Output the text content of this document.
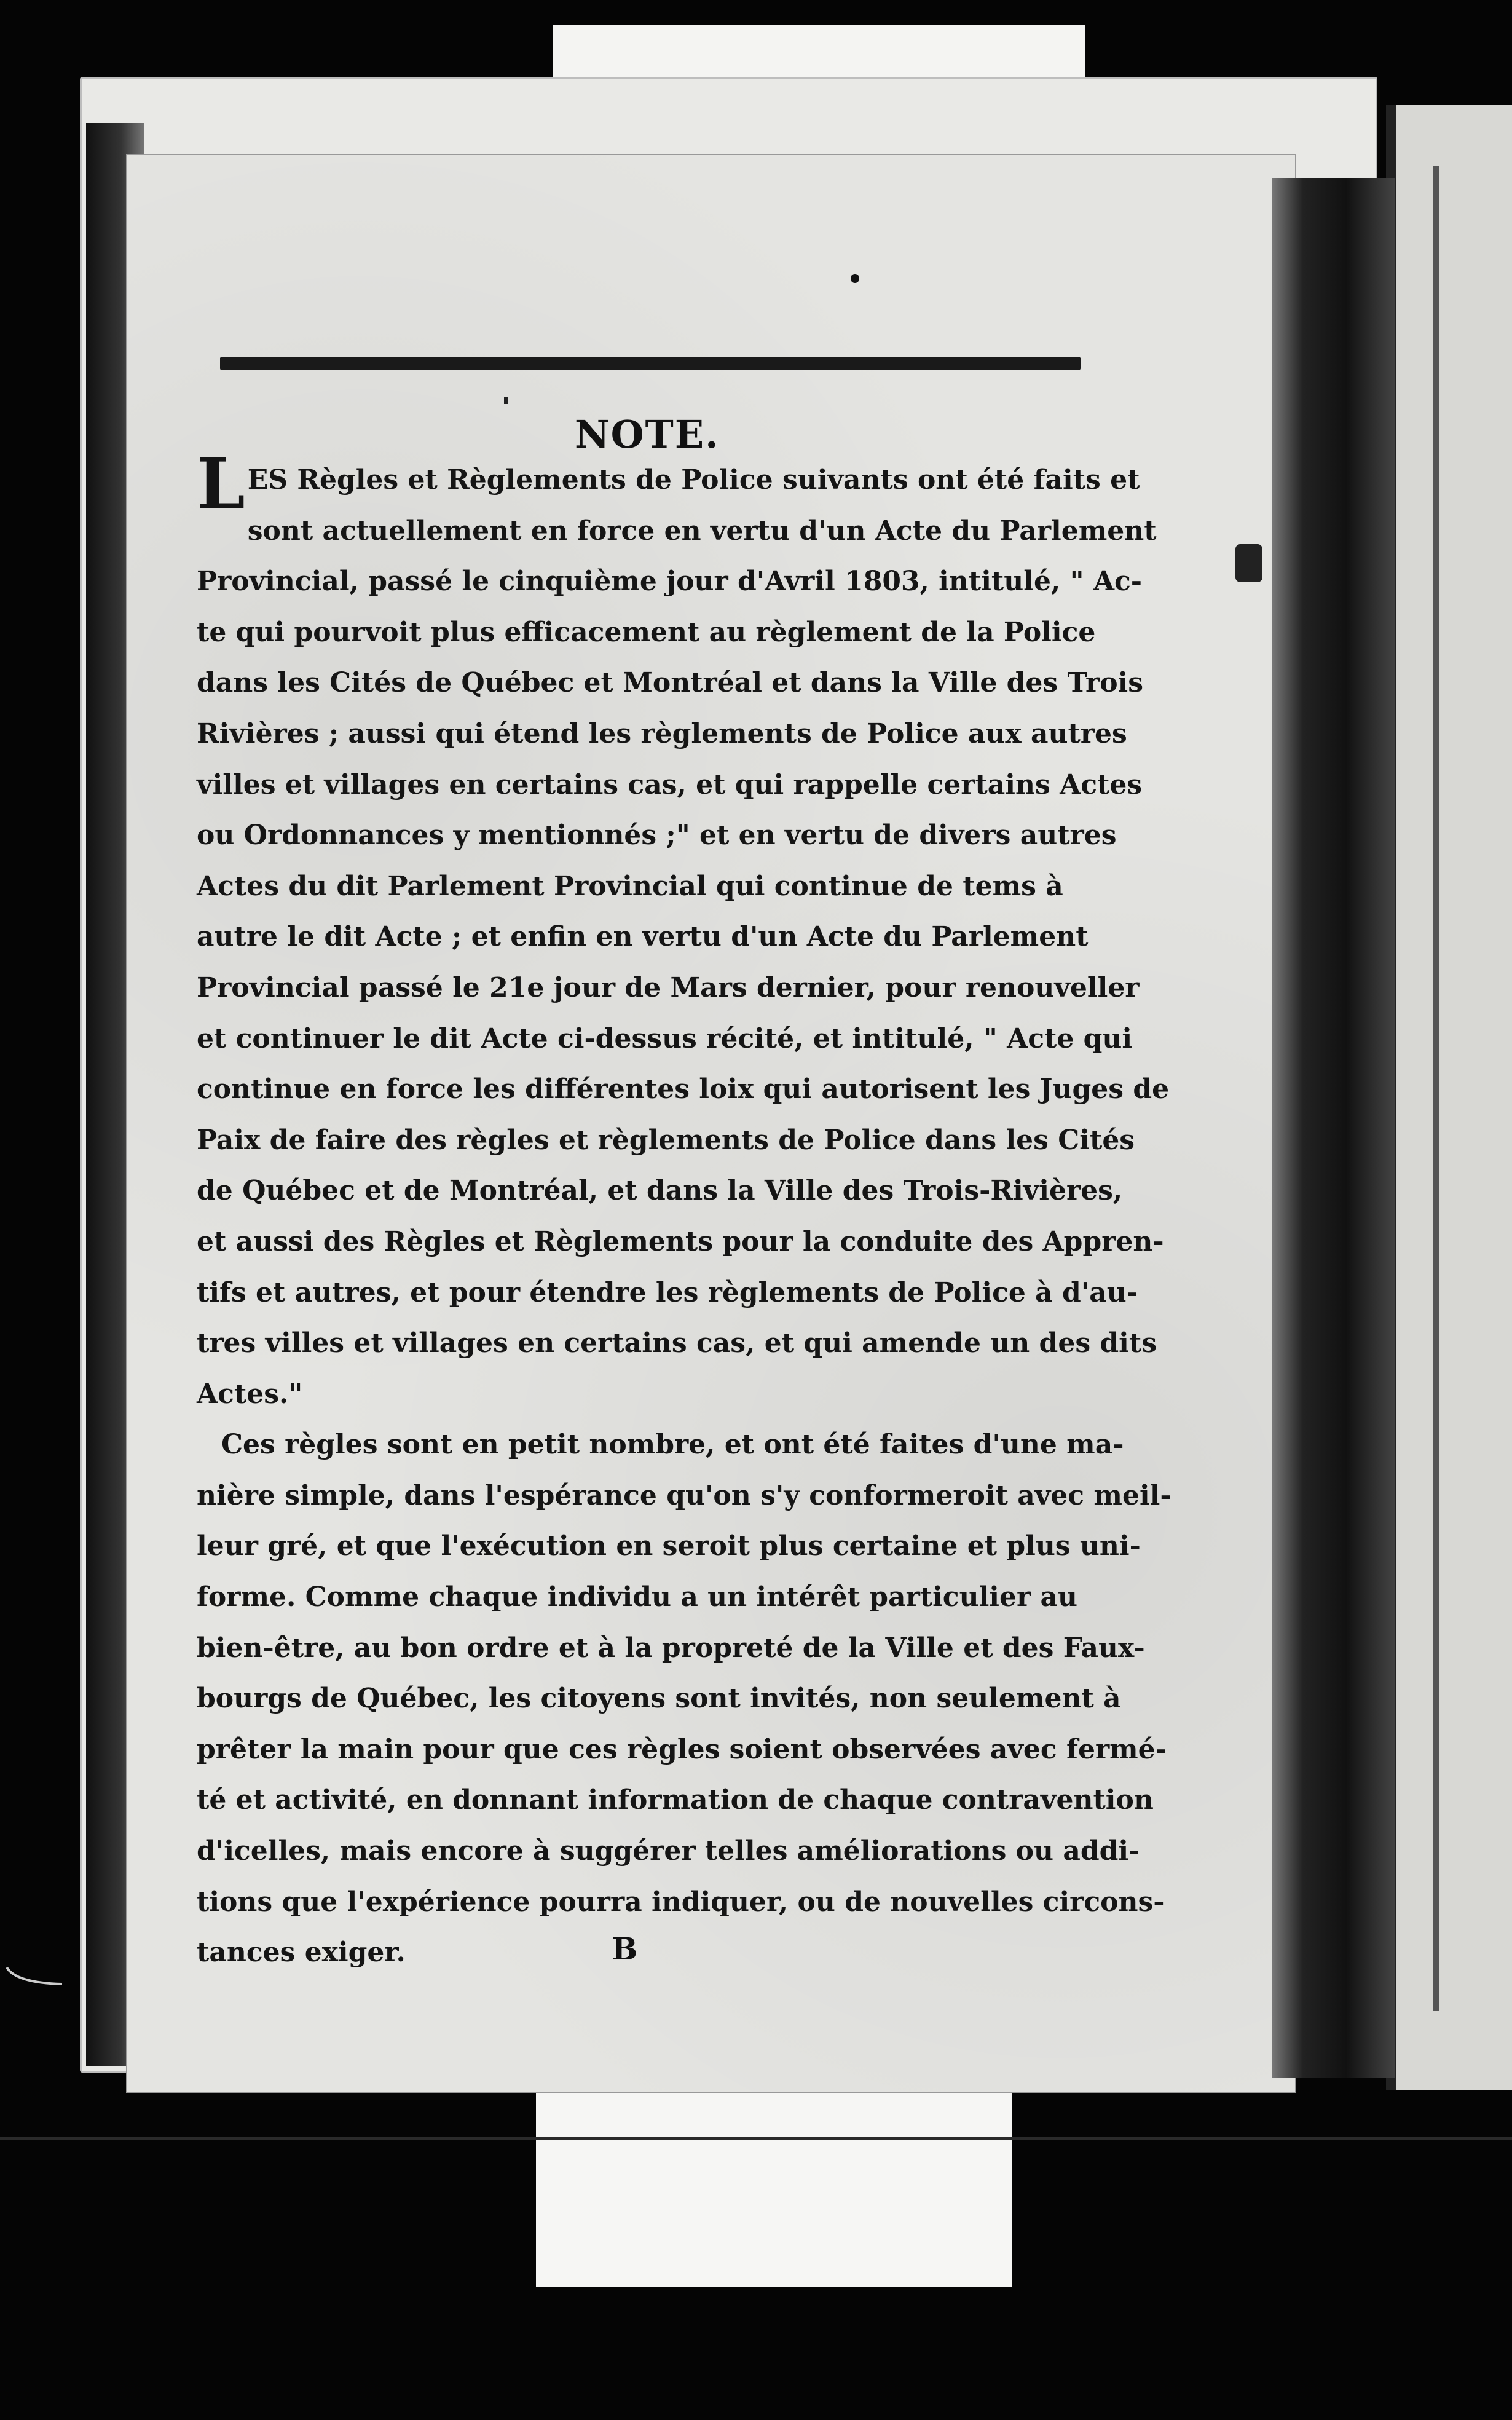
NOTE.
L ES Règles et Règlements de Police suivants ont été faits et
sont actuellement en force en vertu d'un Acte du Parlement
Provincial, passé le cinquième jour d'Avril 1803, intitulé, " Ac-
te qui pourvoit plus efficacement au règlement de la Police
dans les Cités de Québec et Montréal et dans la Ville des Trois
Rivières ; aussi qui étend les règlements de Police aux autres
villes et villages en certains cas, et qui rappelle certains Actes
ou Ordonnances y mentionnés ;" et en vertu de divers autres
Actes du dit Parlement Provincial qui continue de tems à
autre le dit Acte ; et enfin en vertu d'un Acte du Parlement
Provincial passé le 21e jour de Mars dernier, pour renouveller
et continuer le dit Acte ci-dessus récité, et intitulé, " Acte qui
continue en force les différentes loix qui autorisent les Juges de
Paix de faire des règles et règlements de Police dans les Cités
de Québec et de Montréal, et dans la Ville des Trois-Rivières,
et aussi des Règles et Règlements pour la conduite des Appren-
tifs et autres, et pour étendre les règlements de Police à d'au-
tres villes et villages en certains cas, et qui amende un des dits
Actes."
Ces règles sont en petit nombre, et ont été faites d'une ma-
nière simple, dans l'espérance qu'on s'y conformeroit avec meil-
leur gré, et que l'exécution en seroit plus certaine et plus uni-
forme. Comme chaque individu a un intérêt particulier au
bien-être, au bon ordre et à la propreté de la Ville et des Faux-
bourgs de Québec, les citoyens sont invités, non seulement à
prêter la main pour que ces règles soient observées avec fermé-
té et activité, en donnant information de chaque contravention
d'icelles, mais encore à suggérer telles améliorations ou addi-
tions que l'expérience pourra indiquer, ou de nouvelles circons-
tances exiger.	B
